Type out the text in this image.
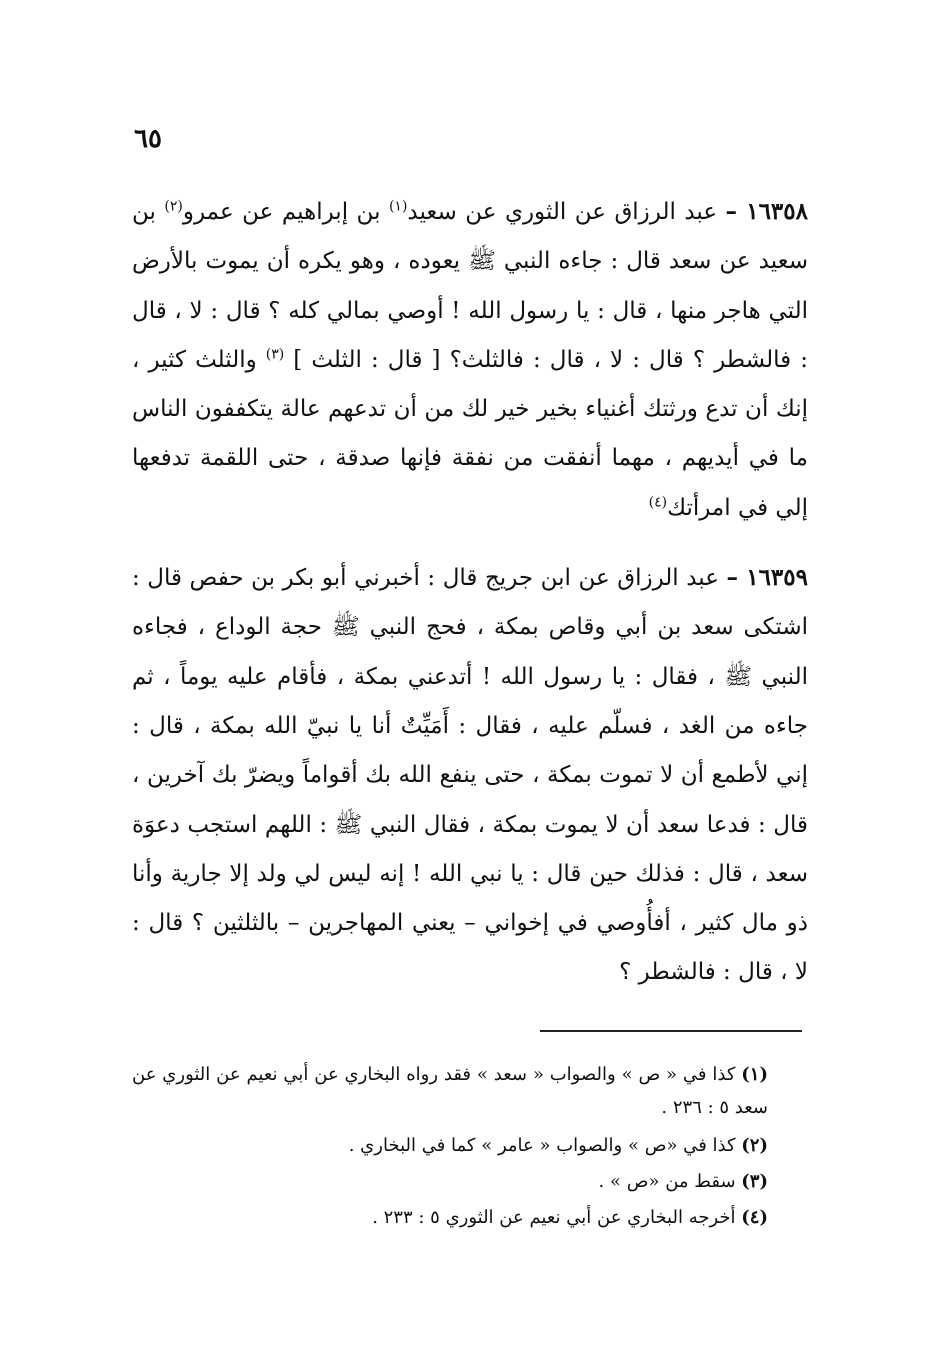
٦٥

١٦٣٥٨ – عبد الرزاق عن الثوري عن سعيد$^{(١)}$ بن إبراهيم عن عمرو$^{(٢)}$ بن سعيد عن سعد قال : جاءه النبي ﷺ يعوده ، وهو يكره أن يموت بالأرض التي هاجر منها ، قال : يا رسول الله ! أوصي بمالي كله ؟ قال : لا ، قال : فالشطر ؟ قال : لا ، قال : فالثلث؟ [ قال : الثلث ] $^{(٣)}$ والثلث كثير ، إنك أن تدع ورثتك أغنياء بخير خير لك من أن تدعهم عالة يتكففون الناس ما في أيديهم ، مهما أنفقت من نفقة فإنها صدقة ، حتى اللقمة تدفعها إلي في امرأتك$^{(٤)}$

١٦٣٥٩ – عبد الرزاق عن ابن جريج قال : أخبرني أبو بكر بن حفص قال : اشتكى سعد بن أبي وقاص بمكة ، فحج النبي ﷺ حجة الوداع ، فجاءه النبي ﷺ ، فقال : يا رسول الله ! أتدعني بمكة ، فأقام عليه يوماً ، ثم جاءه من الغد ، فسلّم عليه ، فقال : أَمَيِّتٌ أنا يا نبيّ الله بمكة ، قال : إني لأطمع أن لا تموت بمكة ، حتى ينفع الله بك أقواماً ويضرّ بك آخرين ، قال : فدعا سعد أن لا يموت بمكة ، فقال النبي ﷺ : اللهم استجب دعوَة سعد ، قال : فذلك حين قال : يا نبي الله ! إنه ليس لي ولد إلا جارية وأنا ذو مال كثير ، أفأُوصي في إخواني – يعني المهاجرين – بالثلثين ؟ قال : لا ، قال : فالشطر ؟

(١) كذا في « ص » والصواب « سعد » فقد رواه البخاري عن أبي نعيم عن الثوري عن سعد ٥ : ٢٣٦ .

(٢) كذا في «ص » والصواب « عامر » كما في البخاري .

(٣) سقط من «ص » .

(٤) أخرجه البخاري عن أبي نعيم عن الثوري ٥ : ٢٣٣ .
